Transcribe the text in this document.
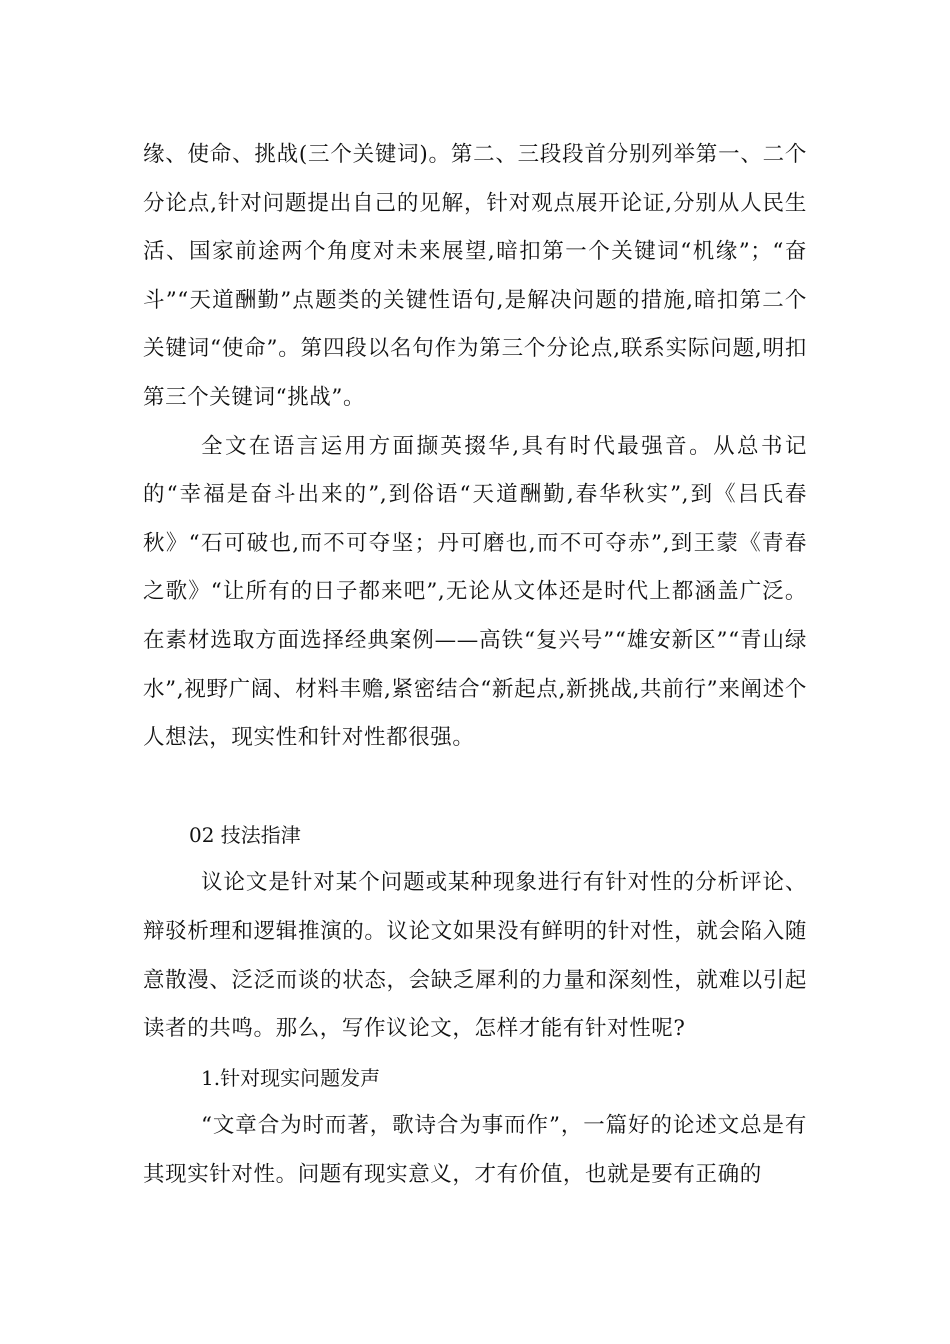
缘、使命、挑战(三个关键词)。第二、三段段首分别列举第一、二个分论点,针对问题提出自己的见解，针对观点展开论证,分别从人民生活、国家前途两个角度对未来展望,暗扣第一个关键词“机缘”；“奋斗”“天道酬勤”点题类的关键性语句,是解决问题的措施,暗扣第二个关键词“使命”。第四段以名句作为第三个分论点,联系实际问题,明扣第三个关键词“挑战”。

全文在语言运用方面撷英掇华,具有时代最强音。从总书记的“幸福是奋斗出来的”,到俗语“天道酬勤,春华秋实”,到《吕氏春秋》“石可破也,而不可夺坚；丹可磨也,而不可夺赤”,到王蒙《青春之歌》“让所有的日子都来吧”,无论从文体还是时代上都涵盖广泛。在素材选取方面选择经典案例——高铁“复兴号”“雄安新区”“青山绿水”,视野广阔、材料丰赡,紧密结合“新起点,新挑战,共前行”来阐述个人想法，现实性和针对性都很强。

02 技法指津

议论文是针对某个问题或某种现象进行有针对性的分析评论、辩驳析理和逻辑推演的。议论文如果没有鲜明的针对性，就会陷入随意散漫、泛泛而谈的状态，会缺乏犀利的力量和深刻性，就难以引起读者的共鸣。那么，写作议论文，怎样才能有针对性呢?

1.针对现实问题发声

“文章合为时而著，歌诗合为事而作”，一篇好的论述文总是有其现实针对性。问题有现实意义，才有价值，也就是要有正确的
